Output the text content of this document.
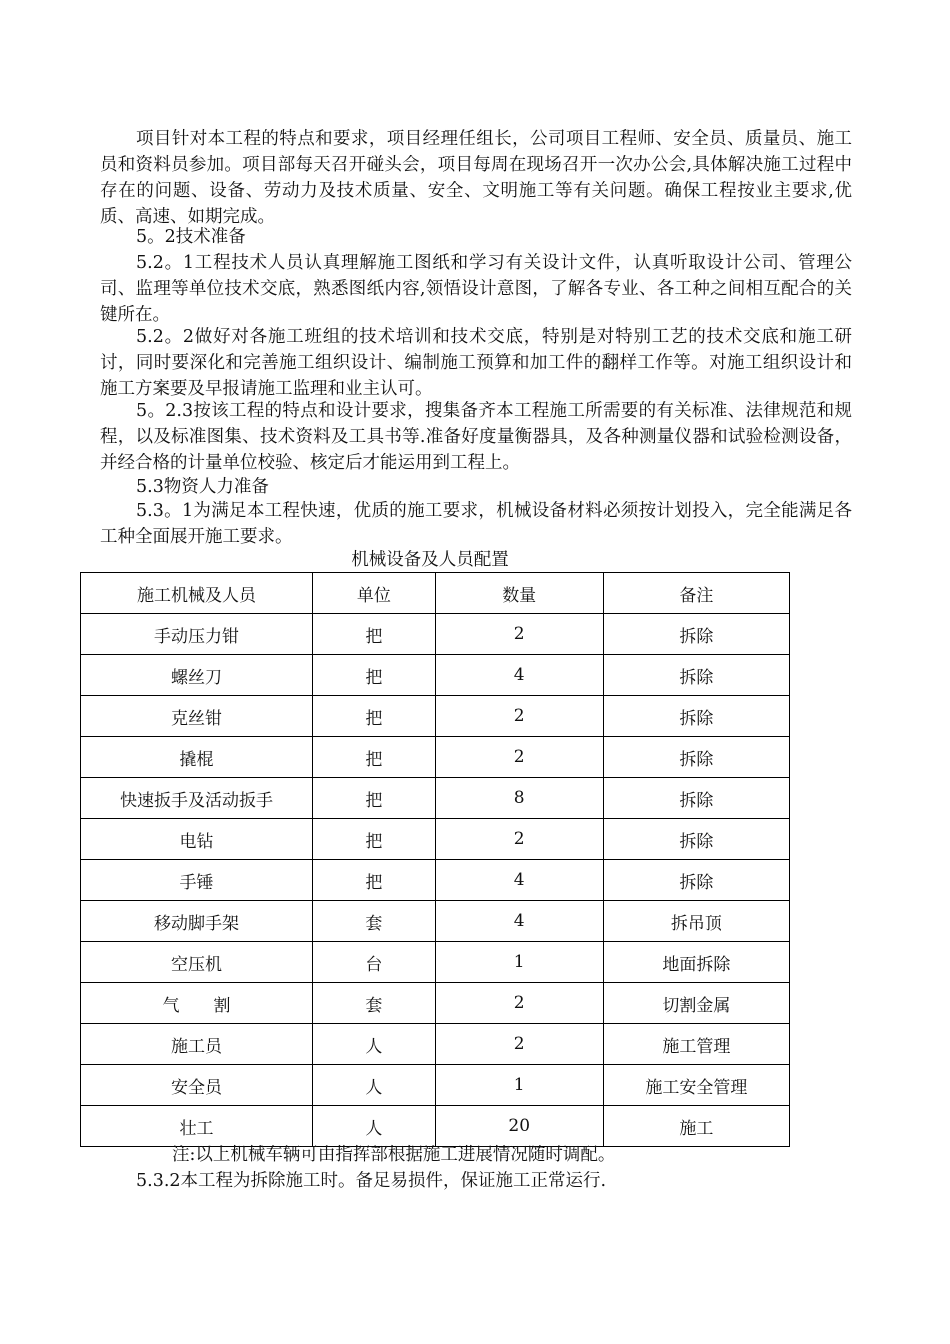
项目针对本工程的特点和要求，项目经理任组长，公司项目工程师、安全员、质量员、施工员和资料员参加。项目部每天召开碰头会，项目每周在现场召开一次办公会,具体解决施工过程中存在的问题、设备、劳动力及技术质量、安全、文明施工等有关问题。确保工程按业主要求,优质、高速、如期完成。

5。2技术准备

5.2。1工程技术人员认真理解施工图纸和学习有关设计文件，认真听取设计公司、管理公司、监理等单位技术交底，熟悉图纸内容,领悟设计意图，了解各专业、各工种之间相互配合的关键所在。

5.2。2做好对各施工班组的技术培训和技术交底，特别是对特别工艺的技术交底和施工研讨，同时要深化和完善施工组织设计、编制施工预算和加工件的翻样工作等。对施工组织设计和施工方案要及早报请施工监理和业主认可。

5。2.3按该工程的特点和设计要求，搜集备齐本工程施工所需要的有关标准、法律规范和规程，以及标准图集、技术资料及工具书等.准备好度量衡器具，及各种测量仪器和试验检测设备，并经合格的计量单位校验、核定后才能运用到工程上。

5.3物资人力准备

5.3。1为满足本工程快速，优质的施工要求，机械设备材料必须按计划投入，完全能满足各工种全面展开施工要求。

机械设备及人员配置
施工机械及人员	单位	数量	备注
手动压力钳	把	2	拆除
螺丝刀	把	4	拆除
克丝钳	把	2	拆除
撬棍	把	2	拆除
快速扳手及活动扳手	把	8	拆除
电钻	把	2	拆除
手锤	把	4	拆除
移动脚手架	套	4	拆吊顶
空压机	台	1	地面拆除
气　　割	套	2	切割金属
施工员	人	2	施工管理
安全员	人	1	施工安全管理
壮工	人	20	施工

注:以上机械车辆可由指挥部根据施工进展情况随时调配。

5.3.2本工程为拆除施工时。备足易损件，保证施工正常运行.
